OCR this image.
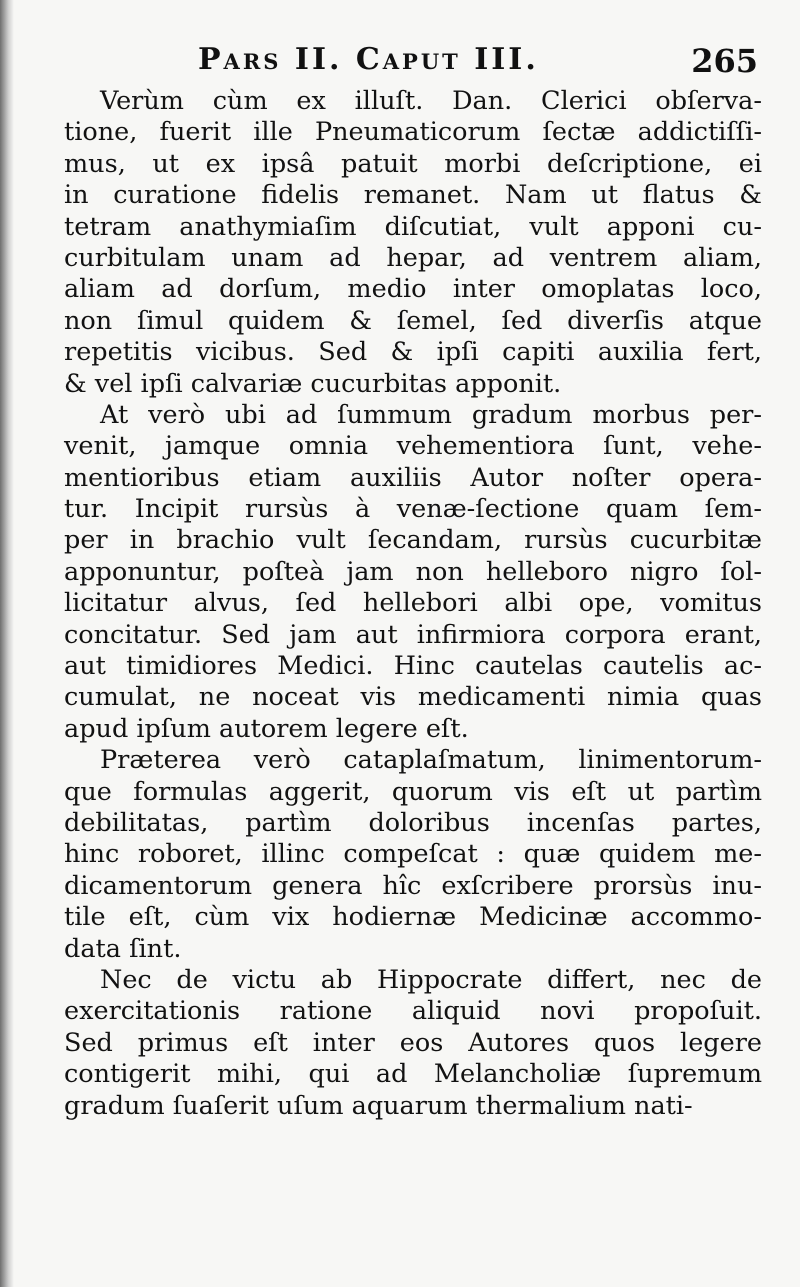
Pars II. Caput III.	265
Verùm cùm ex illuſt. Dan. Clerici obſerva-
tione, fuerit ille Pneumaticorum ſectæ addictiſſi-
mus, ut ex ipsâ patuit morbi deſcriptione, ei
in curatione fidelis remanet. Nam ut flatus &
tetram anathymiaſim diſcutiat, vult apponi cu-
curbitulam unam ad hepar, ad ventrem aliam,
aliam ad dorſum, medio inter omoplatas loco,
non ſimul quidem & ſemel, ſed diverſis atque
repetitis vicibus. Sed & ipſi capiti auxilia fert,
& vel ipſi calvariæ cucurbitas apponit.
At verò ubi ad ſummum gradum morbus per-
venit, jamque omnia vehementiora ſunt, vehe-
mentioribus etiam auxiliis Autor noſter opera-
tur. Incipit rursùs à venæ-ſectione quam ſem-
per in brachio vult ſecandam, rursùs cucurbitæ
apponuntur, poſteà jam non helleboro nigro ſol-
licitatur alvus, ſed hellebori albi ope, vomitus
concitatur. Sed jam aut infirmiora corpora erant,
aut timidiores Medici. Hinc cautelas cautelis ac-
cumulat, ne noceat vis medicamenti nimia quas
apud ipſum autorem legere eſt.
Præterea verò cataplaſmatum, linimentorum-
que formulas aggerit, quorum vis eſt ut partìm
debilitatas, partìm doloribus incenſas partes,
hinc roboret, illinc compeſcat : quæ quidem me-
dicamentorum genera hîc exſcribere prorsùs inu-
tile eſt, cùm vix hodiernæ Medicinæ accommo-
data ſint.
Nec de victu ab Hippocrate differt, nec de
exercitationis ratione aliquid novi propoſuit.
Sed primus eſt inter eos Autores quos legere
contigerit mihi, qui ad Melancholiæ ſupremum
gradum ſuaſerit uſum aquarum thermalium nati-
